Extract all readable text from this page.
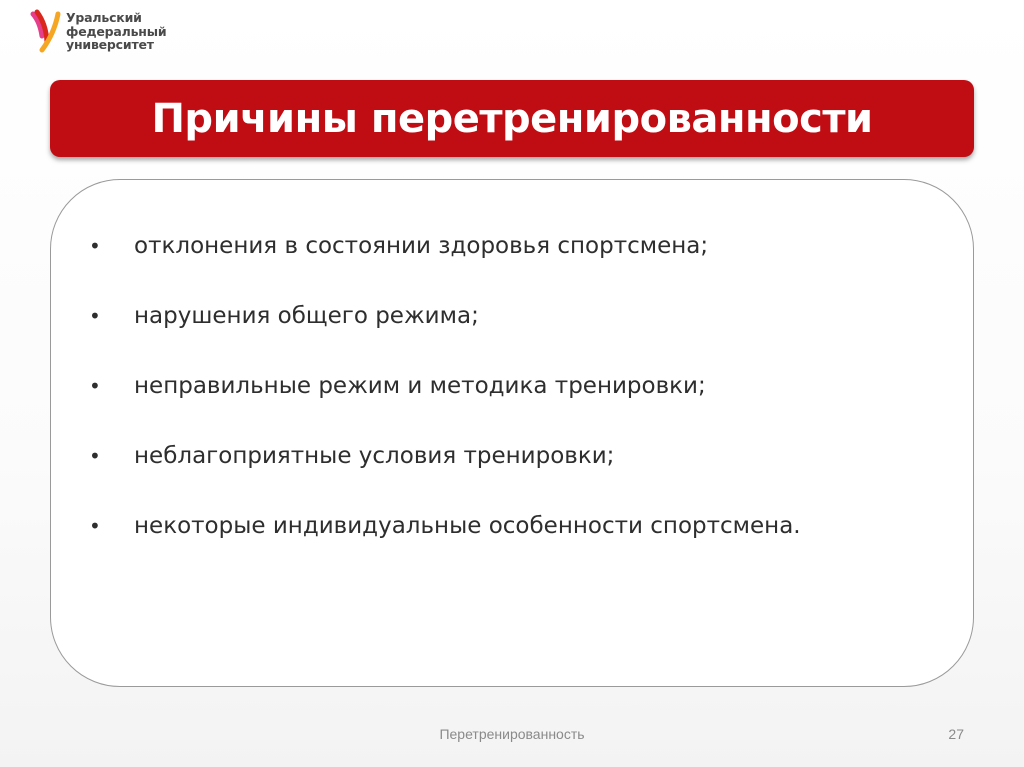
Уральский
федеральный
университет
Причины перетренированности
•	отклонения в состоянии здоровья спортсмена;
•	нарушения общего режима;
•	неправильные режим и методика тренировки;
•	неблагоприятные условия тренировки;
•	некоторые индивидуальные особенности спортсмена.
Перетренированность	27
